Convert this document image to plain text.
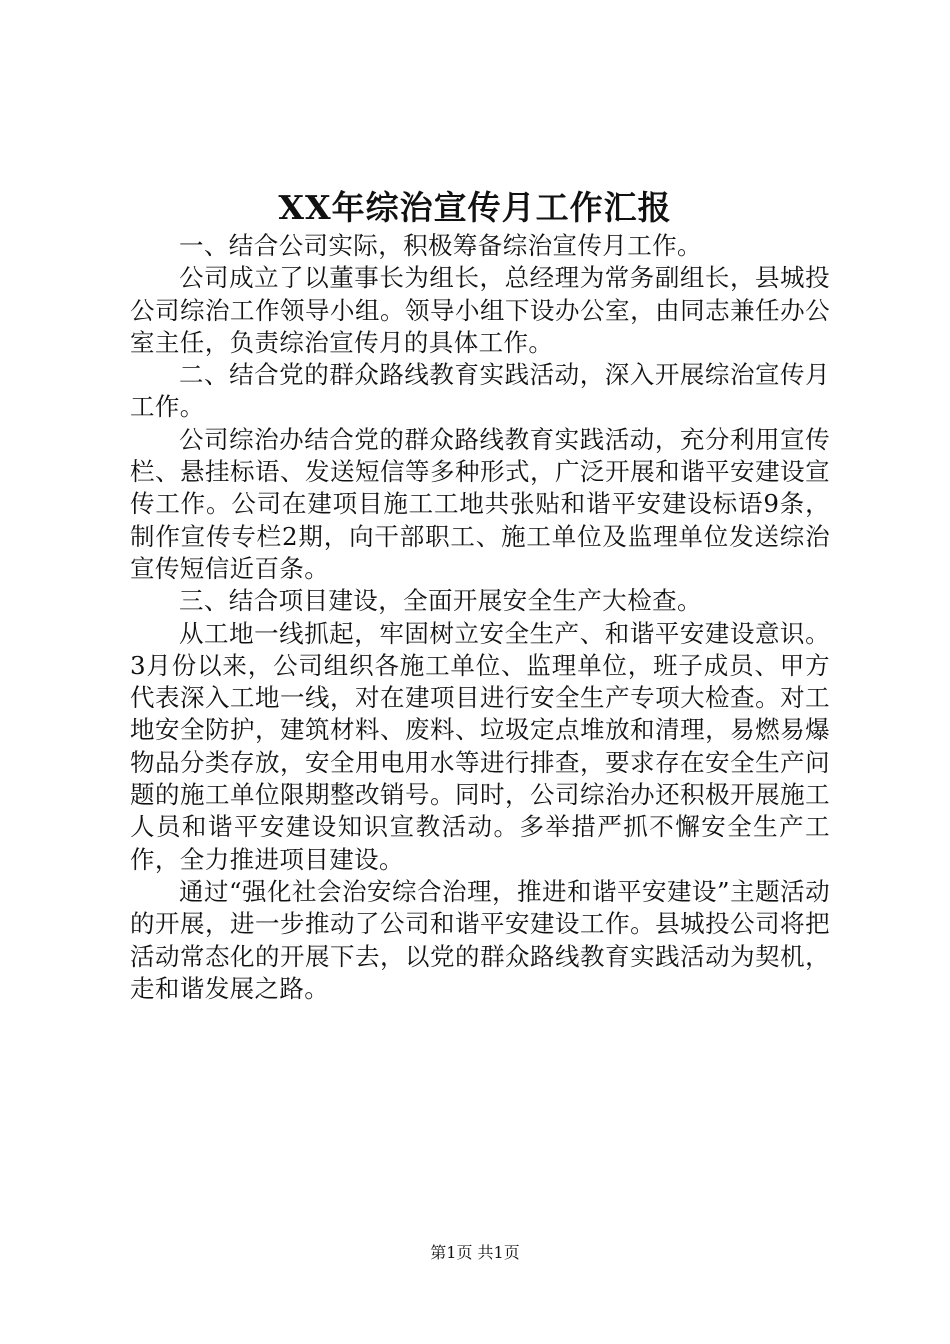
XX年综治宣传月工作汇报

一、结合公司实际，积极筹备综治宣传月工作。

公司成立了以董事长为组长，总经理为常务副组长，县城投公司综治工作领导小组。领导小组下设办公室，由同志兼任办公室主任，负责综治宣传月的具体工作。

二、结合党的群众路线教育实践活动，深入开展综治宣传月工作。

公司综治办结合党的群众路线教育实践活动，充分利用宣传栏、悬挂标语、发送短信等多种形式，广泛开展和谐平安建设宣传工作。公司在建项目施工工地共张贴和谐平安建设标语9条，制作宣传专栏2期，向干部职工、施工单位及监理单位发送综治宣传短信近百条。

三、结合项目建设，全面开展安全生产大检查。

从工地一线抓起，牢固树立安全生产、和谐平安建设意识。3月份以来，公司组织各施工单位、监理单位，班子成员、甲方代表深入工地一线，对在建项目进行安全生产专项大检查。对工地安全防护，建筑材料、废料、垃圾定点堆放和清理，易燃易爆物品分类存放，安全用电用水等进行排查，要求存在安全生产问题的施工单位限期整改销号。同时，公司综治办还积极开展施工人员和谐平安建设知识宣教活动。多举措严抓不懈安全生产工作，全力推进项目建设。

通过“强化社会治安综合治理，推进和谐平安建设”主题活动的开展，进一步推动了公司和谐平安建设工作。县城投公司将把活动常态化的开展下去，以党的群众路线教育实践活动为契机，走和谐发展之路。

第1页 共1页
